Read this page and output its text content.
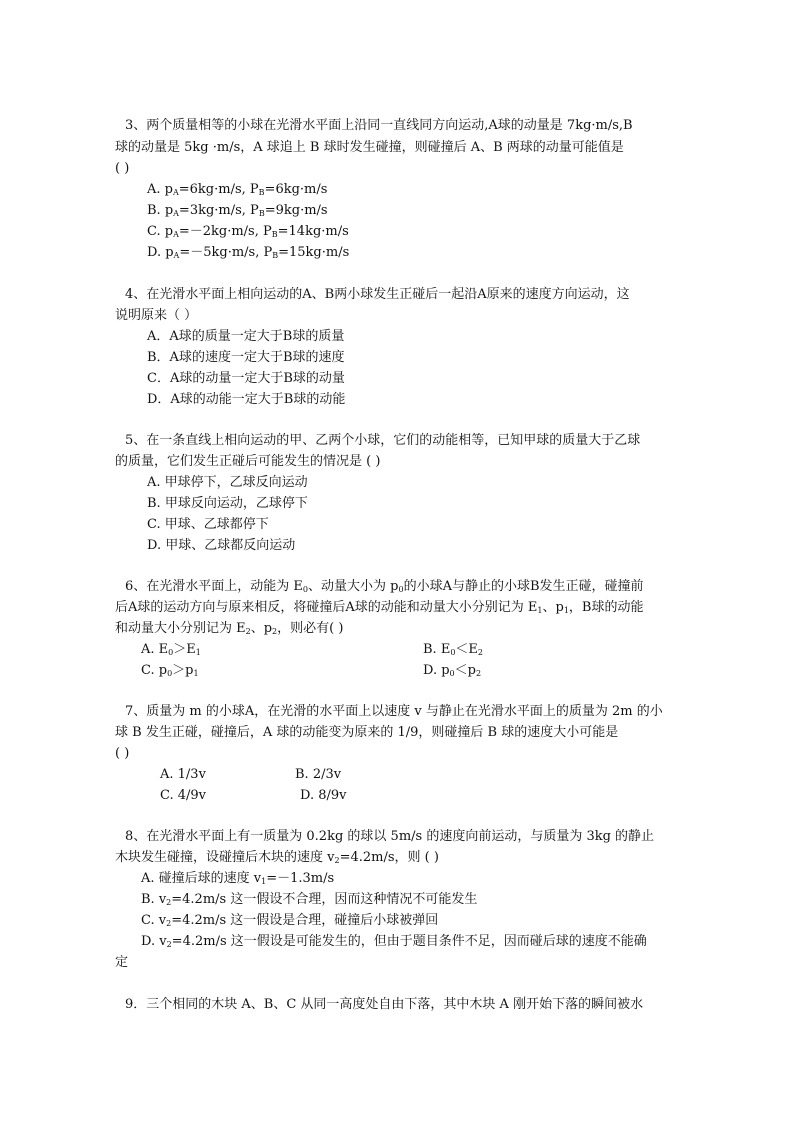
3、两个质量相等的小球在光滑水平面上沿同一直线同方向运动,A球的动量是 7kg·m/s,B
球的动量是 5kg ·m/s，A 球追上 B 球时发生碰撞，则碰撞后 A、B 两球的动量可能值是
( )
A. $p_A=6kg\cdot m/s$, $P_B=6kg\cdot m/s$
B. $p_A=3kg\cdot m/s$, $P_B=9kg\cdot m/s$
C. $p_A=-2kg\cdot m/s$, $P_B=14kg\cdot m/s$
D. $p_A=-5kg\cdot m/s$, $P_B=15kg\cdot m/s$
4、在光滑水平面上相向运动的A、B两小球发生正碰后一起沿A原来的速度方向运动，这
说明原来（ ）
A．A球的质量一定大于B球的质量
B．A球的速度一定大于B球的速度
C．A球的动量一定大于B球的动量
D．A球的动能一定大于B球的动能
5、在一条直线上相向运动的甲、乙两个小球，它们的动能相等，已知甲球的质量大于乙球
的质量，它们发生正碰后可能发生的情况是 ( )
A. 甲球停下，乙球反向运动
B. 甲球反向运动，乙球停下
C. 甲球、乙球都停下
D. 甲球、乙球都反向运动
6、在光滑水平面上，动能为 $E_0$、动量大小为 $p_0$的小球A与静止的小球B发生正碰，碰撞前
后A球的运动方向与原来相反，将碰撞后A球的动能和动量大小分别记为 $E_1$、$p_1$，B球的动能
和动量大小分别记为 $E_2$、$p_2$，则必有( )
A. $E_0>E_1$	B. $E_0<E_2$
C. $p_0>p_1$	D. $p_0<p_2$
7、质量为 m 的小球A，在光滑的水平面上以速度 v 与静止在光滑水平面上的质量为 2m 的小
球 B 发生正碰，碰撞后，A 球的动能变为原来的 1/9，则碰撞后 B 球的速度大小可能是
( )
A. 1/3v	B. 2/3v
C. 4/9v	D. 8/9v
8、在光滑水平面上有一质量为 0.2kg 的球以 5m/s 的速度向前运动，与质量为 3kg 的静止
木块发生碰撞，设碰撞后木块的速度 $v_2=4.2m/s$，则 ( )
A. 碰撞后球的速度 $v_1=-1.3m/s$
B. $v_2=4.2m/s$ 这一假设不合理，因而这种情况不可能发生
C. $v_2=4.2m/s$ 这一假设是合理，碰撞后小球被弹回
D. $v_2=4.2m/s$ 这一假设是可能发生的，但由于题目条件不足，因而碰后球的速度不能确
定
9．三个相同的木块 A、B、C 从同一高度处自由下落，其中木块 A 刚开始下落的瞬间被水
